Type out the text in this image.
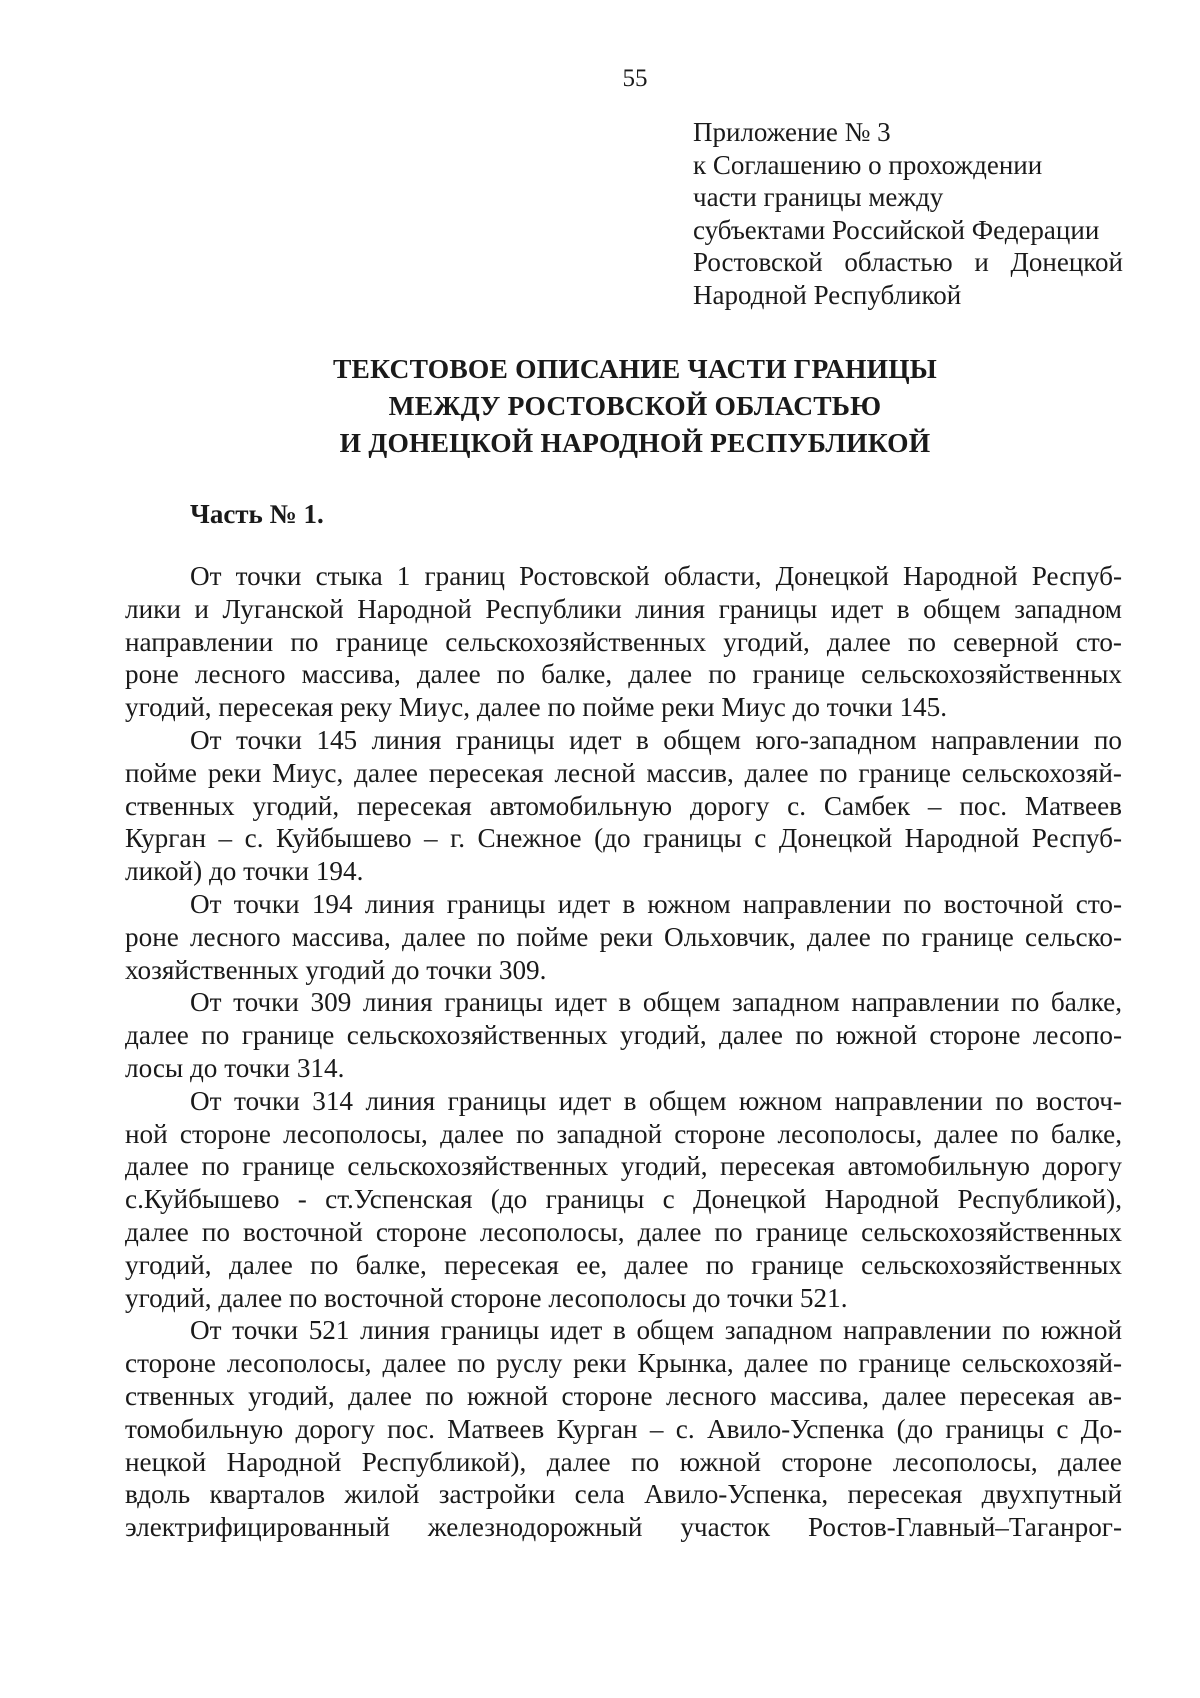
55
Приложение № 3
к Соглашению о прохождении
части границы между
субъектами Российской Федерации
Ростовской областью и Донецкой
Народной Республикой
ТЕКСТОВОЕ ОПИСАНИЕ ЧАСТИ ГРАНИЦЫ
МЕЖДУ РОСТОВСКОЙ ОБЛАСТЬЮ
И ДОНЕЦКОЙ НАРОДНОЙ РЕСПУБЛИКОЙ
Часть № 1.
От точки стыка 1 границ Ростовской области, Донецкой Народной Респуб-
лики и Луганской Народной Республики линия границы идет в общем западном
направлении по границе сельскохозяйственных угодий, далее по северной сто-
роне лесного массива, далее по балке, далее по границе сельскохозяйственных
угодий, пересекая реку Миус, далее по пойме реки Миус до точки 145.
От точки 145 линия границы идет в общем юго-западном направлении по
пойме реки Миус, далее пересекая лесной массив, далее по границе сельскохозяй-
ственных угодий, пересекая автомобильную дорогу с. Самбек – пос. Матвеев
Курган – с. Куйбышево – г. Снежное (до границы с Донецкой Народной Респуб-
ликой) до точки 194.
От точки 194 линия границы идет в южном направлении по восточной сто-
роне лесного массива, далее по пойме реки Ольховчик, далее по границе сельско-
хозяйственных угодий до точки 309.
От точки 309 линия границы идет в общем западном направлении по балке,
далее по границе сельскохозяйственных угодий, далее по южной стороне лесопо-
лосы до точки 314.
От точки 314 линия границы идет в общем южном направлении по восточ-
ной стороне лесополосы, далее по западной стороне лесополосы, далее по балке,
далее по границе сельскохозяйственных угодий, пересекая автомобильную дорогу
с.Куйбышево - ст.Успенская (до границы с Донецкой Народной Республикой),
далее по восточной стороне лесополосы, далее по границе сельскохозяйственных
угодий, далее по балке, пересекая ее, далее по границе сельскохозяйственных
угодий, далее по восточной стороне лесополосы до точки 521.
От точки 521 линия границы идет в общем западном направлении по южной
стороне лесополосы, далее по руслу реки Крынка, далее по границе сельскохозяй-
ственных угодий, далее по южной стороне лесного массива, далее пересекая ав-
томобильную дорогу пос. Матвеев Курган – с. Авило-Успенка (до границы с До-
нецкой Народной Республикой), далее по южной стороне лесополосы, далее
вдоль кварталов жилой застройки села Авило-Успенка, пересекая двухпутный
электрифицированный железнодорожный участок Ростов-Главный–Таганрог-
